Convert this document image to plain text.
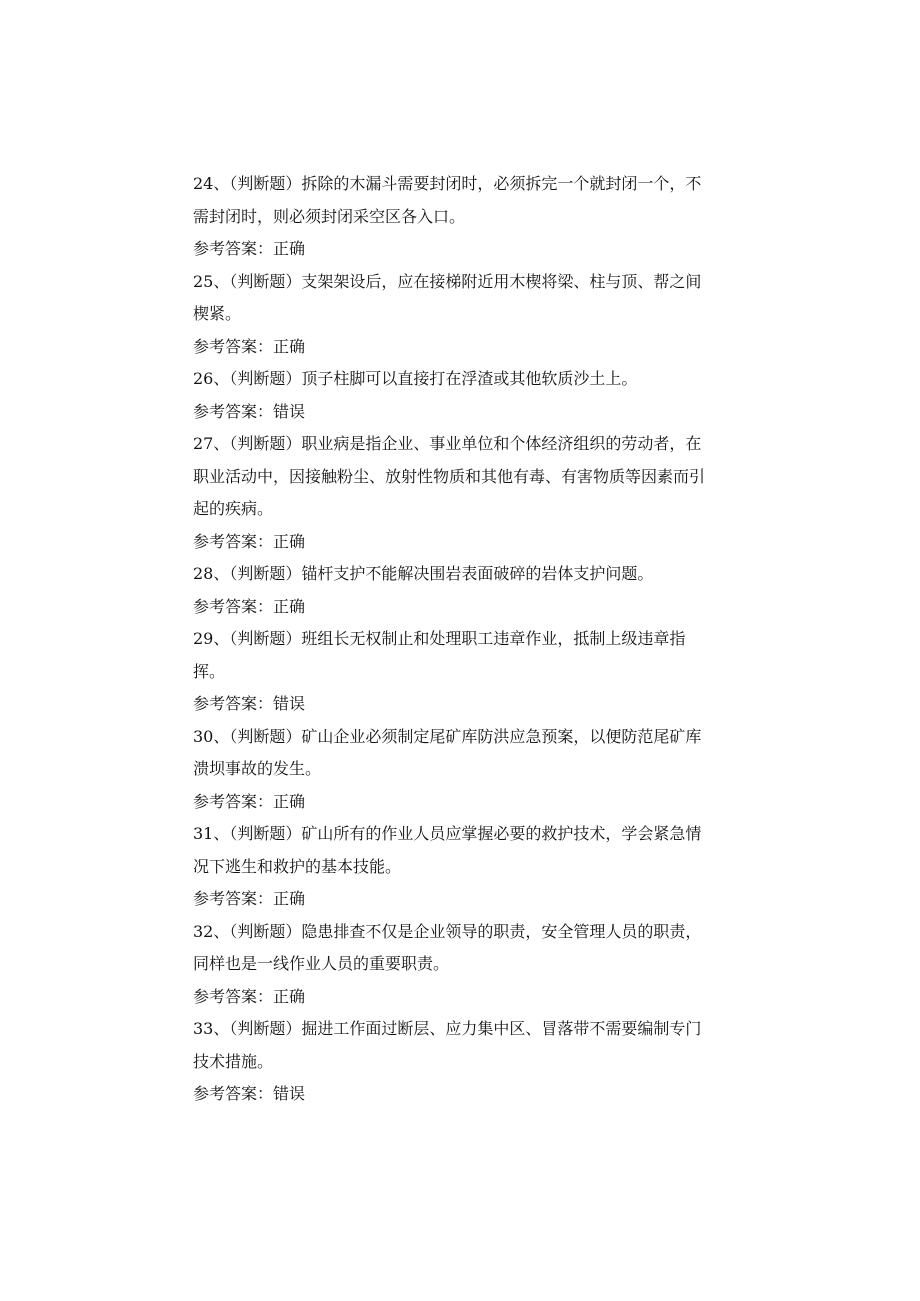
24、（判断题）拆除的木漏斗需要封闭时，必须拆完一个就封闭一个，不
需封闭时，则必须封闭采空区各入口。
参考答案：正确
25、（判断题）支架架设后，应在接梯附近用木楔将梁、柱与顶、帮之间
楔紧。
参考答案：正确
26、（判断题）顶子柱脚可以直接打在浮渣或其他软质沙土上。
参考答案：错误
27、（判断题）职业病是指企业、事业单位和个体经济组织的劳动者，在
职业活动中，因接触粉尘、放射性物质和其他有毒、有害物质等因素而引
起的疾病。
参考答案：正确
28、（判断题）锚杆支护不能解决围岩表面破碎的岩体支护问题。
参考答案：正确
29、（判断题）班组长无权制止和处理职工违章作业，抵制上级违章指
挥。
参考答案：错误
30、（判断题）矿山企业必须制定尾矿库防洪应急预案，以便防范尾矿库
溃坝事故的发生。
参考答案：正确
31、（判断题）矿山所有的作业人员应掌握必要的救护技术，学会紧急情
况下逃生和救护的基本技能。
参考答案：正确
32、（判断题）隐患排查不仅是企业领导的职责，安全管理人员的职责，
同样也是一线作业人员的重要职责。
参考答案：正确
33、（判断题）掘进工作面过断层、应力集中区、冒落带不需要编制专门
技术措施。
参考答案：错误
